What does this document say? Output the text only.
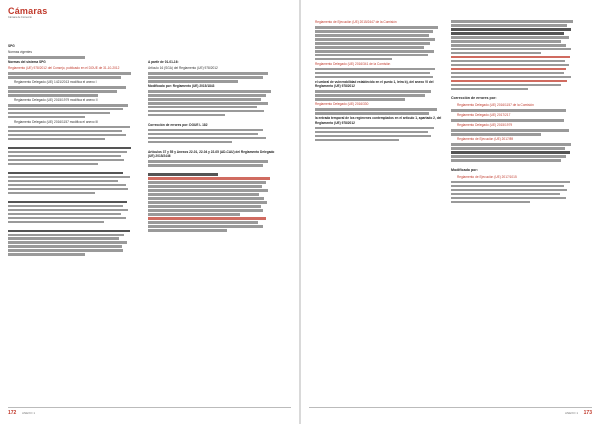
Cámaras
Cámara de Comercio

SPG

Normas vigentes

Normas del sistema SPG

Reglamento (UE) 978/2012 del Consejo, publicado en el DOUE de 31-10-2012

Reglamento Delegado (UE) 1421/2013 modifica el anexo I

Reglamento Delegado (UE) 2015/1979 modifica el anexo II

Reglamento Delegado (UE) 2016/1157 modifica el anexo III

A partir de 01-01-16:

Artículo 16 (SGA) del Reglamento (UE) 978/2012

Modificado por: Reglamento (UE) 2015/1843

Corrección de errores por: DOUE L 182

Artículos 37 y 55 y Anexos 22-01, 22-04 y 22-05 (AD-CAU) del Reglamento Delegado (UE) 2015/2446

172 ANEXO 1

Reglamento de Ejecución (UE) 2015/2447 de la Comisión

Reglamento Delegado (UE) 2016/341 de la Comisión

el umbral de vulnerabilidad establecido en el punto 1, letra b), del anexo VI del Reglamento (UE) 978/2012

Reglamento Delegado (UE) 2016/330

la entrada temporal de los regímenes contemplados en el artículo 1, apartado 2, del Reglamento (UE) 978/2012

Corrección de errores por:

Reglamento Delegado (UE) 2016/1157 de la Comisión

Reglamento Delegado (UE) 2017/217

Reglamento Delegado (UE) 2015/1979

Reglamento de Ejecución (UE) 2017/89

Modificado por:

Reglamento de Ejecución (UE) 2017/1015

ANEXO 1 173
